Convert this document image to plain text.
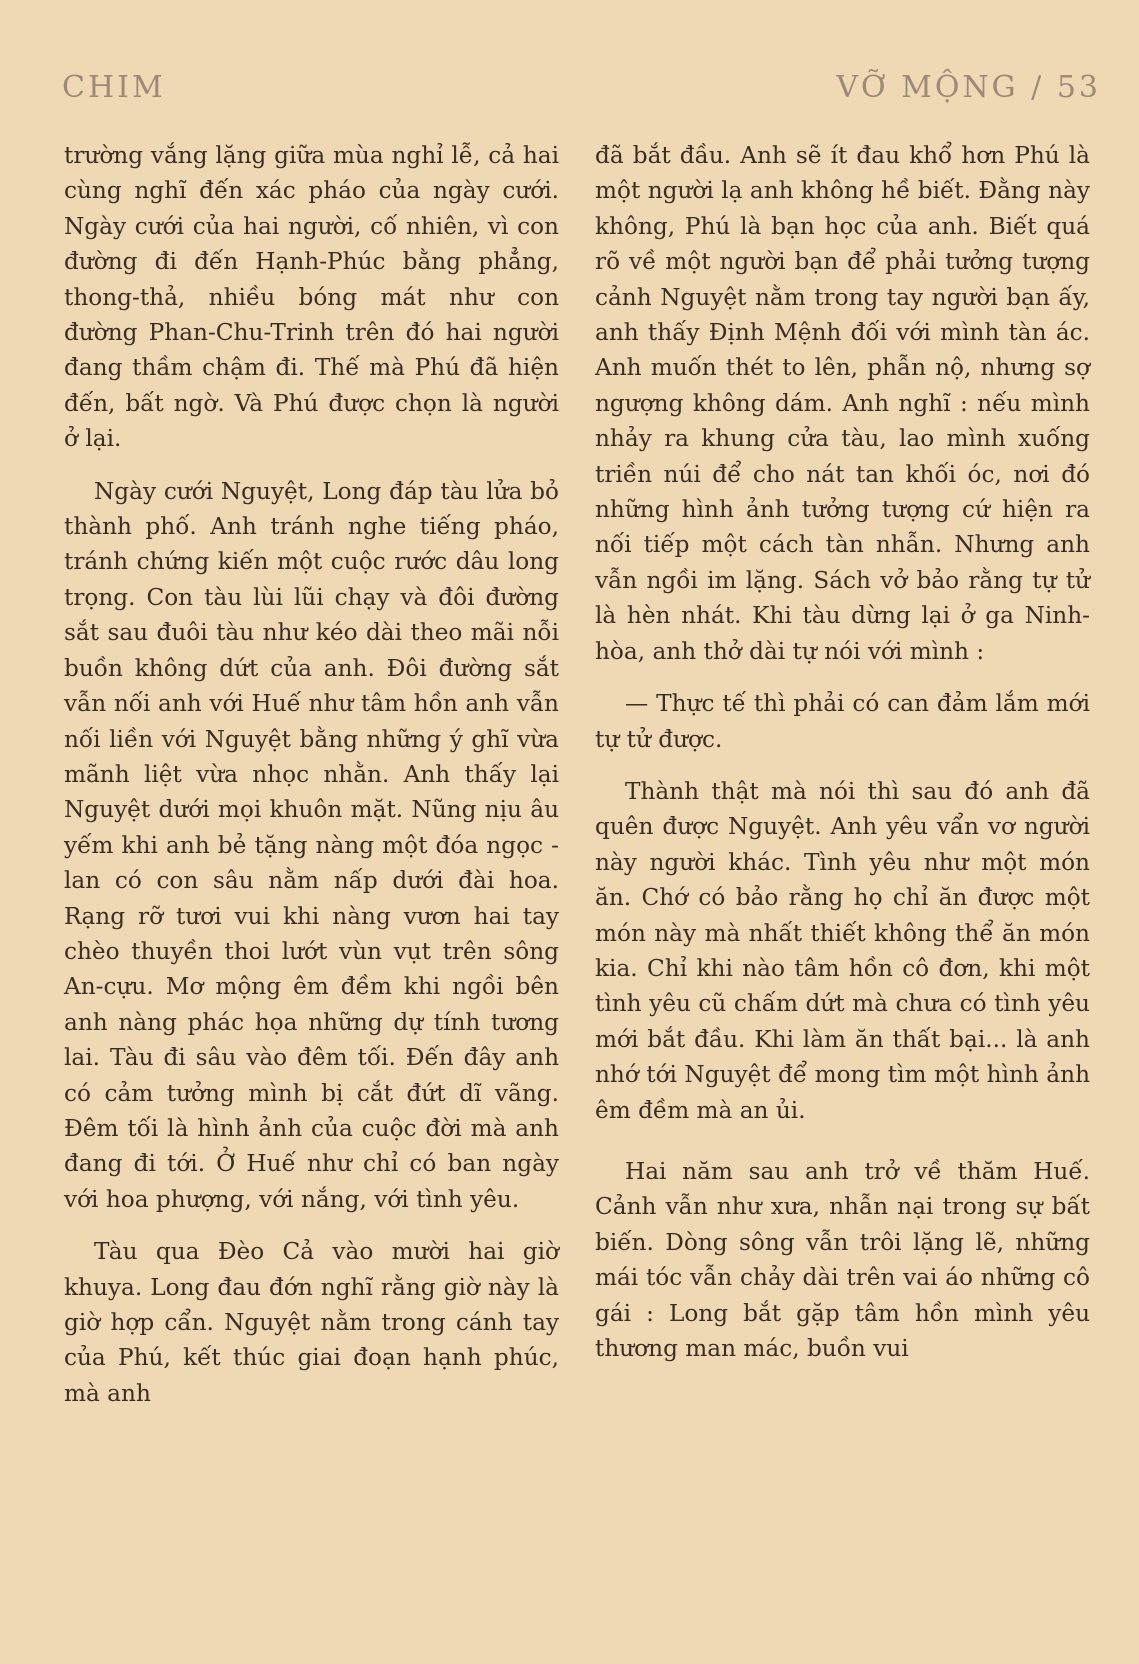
CHIM	VỠ MỘNG / 53

trường vắng lặng giữa mùa nghỉ lễ, cả hai cùng nghĩ đến xác pháo của ngày cưới. Ngày cưới của hai người, cố nhiên, vì con đường đi đến Hạnh-Phúc bằng phẳng, thong-thả, nhiều bóng mát như con đường Phan-Chu-Trinh trên đó hai người đang thầm chậm đi. Thế mà Phú đã hiện đến, bất ngờ. Và Phú được chọn là người ở lại.

Ngày cưới Nguyệt, Long đáp tàu lửa bỏ thành phố. Anh tránh nghe tiếng pháo, tránh chứng kiến một cuộc rước dâu long trọng. Con tàu lùi lũi chạy và đôi đường sắt sau đuôi tàu như kéo dài theo mãi nỗi buồn không dứt của anh. Đôi đường sắt vẫn nối anh với Huế như tâm hồn anh vẫn nối liền với Nguyệt bằng những ý ghĩ vừa mãnh liệt vừa nhọc nhằn. Anh thấy lại Nguyệt dưới mọi khuôn mặt. Nũng nịu âu yếm khi anh bẻ tặng nàng một đóa ngọc - lan có con sâu nằm nấp dưới đài hoa. Rạng rỡ tươi vui khi nàng vươn hai tay chèo thuyền thoi lướt vùn vụt trên sông An-cựu. Mơ mộng êm đềm khi ngồi bên anh nàng phác họa những dự tính tương lai. Tàu đi sâu vào đêm tối. Đến đây anh có cảm tưởng mình bị cắt đứt dĩ vãng. Đêm tối là hình ảnh của cuộc đời mà anh đang đi tới. Ở Huế như chỉ có ban ngày với hoa phượng, với nắng, với tình yêu.

Tàu qua Đèo Cả vào mười hai giờ khuya. Long đau đớn nghĩ rằng giờ này là giờ hợp cẩn. Nguyệt nằm trong cánh tay của Phú, kết thúc giai đoạn hạnh phúc, mà anh

đã bắt đầu. Anh sẽ ít đau khổ hơn Phú là một người lạ anh không hề biết. Đằng này không, Phú là bạn học của anh. Biết quá rõ về một người bạn để phải tưởng tượng cảnh Nguyệt nằm trong tay người bạn ấy, anh thấy Định Mệnh đối với mình tàn ác. Anh muốn thét to lên, phẫn nộ, nhưng sợ ngượng không dám. Anh nghĩ : nếu mình nhảy ra khung cửa tàu, lao mình xuống triền núi để cho nát tan khối óc, nơi đó những hình ảnh tưởng tượng cứ hiện ra nối tiếp một cách tàn nhẫn. Nhưng anh vẫn ngồi im lặng. Sách vở bảo rằng tự tử là hèn nhát. Khi tàu dừng lại ở ga Ninh-hòa, anh thở dài tự nói với mình :

— Thực tế thì phải có can đảm lắm mới tự tử được.

Thành thật mà nói thì sau đó anh đã quên được Nguyệt. Anh yêu vẩn vơ người này người khác. Tình yêu như một món ăn. Chớ có bảo rằng họ chỉ ăn được một món này mà nhất thiết không thể ăn món kia. Chỉ khi nào tâm hồn cô đơn, khi một tình yêu cũ chấm dứt mà chưa có tình yêu mới bắt đầu. Khi làm ăn thất bại... là anh nhớ tới Nguyệt để mong tìm một hình ảnh êm đềm mà an ủi.

Hai năm sau anh trở về thăm Huế. Cảnh vẫn như xưa, nhẫn nại trong sự bất biến. Dòng sông vẫn trôi lặng lẽ, những mái tóc vẫn chảy dài trên vai áo những cô gái : Long bắt gặp tâm hồn mình yêu thương man mác, buồn vui
